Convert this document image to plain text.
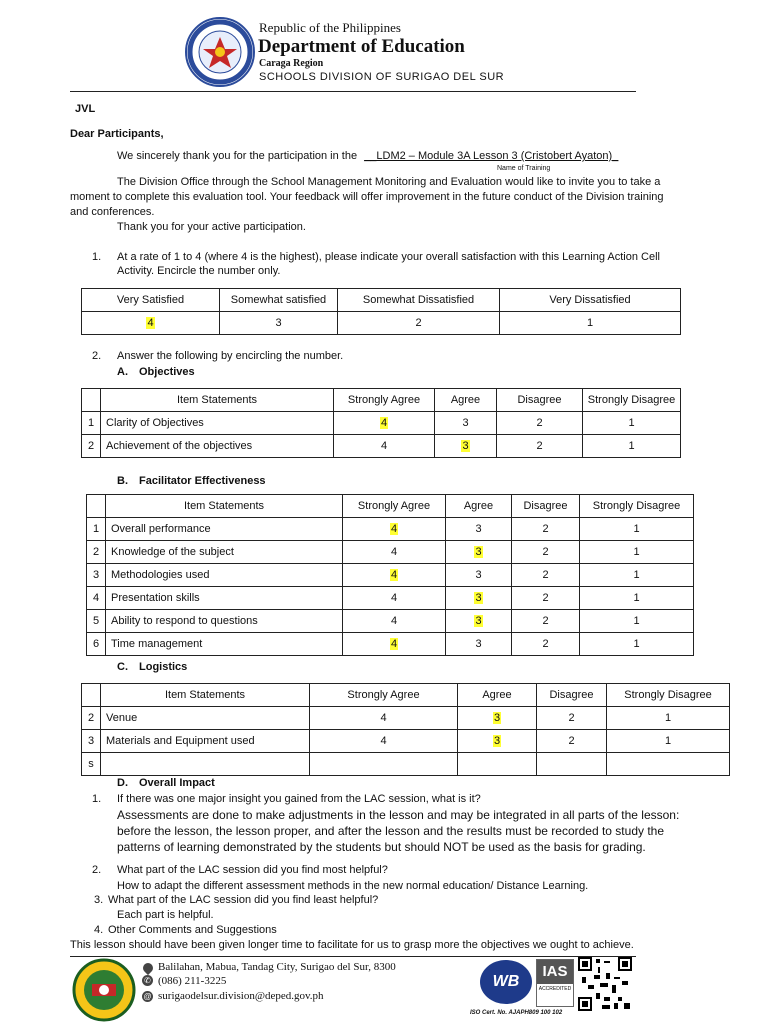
Republic of the Philippines
Department of Education
Caraga Region
SCHOOLS DIVISION OF SURIGAO DEL SUR
JVL
Dear Participants,
We sincerely thank you for the participation in the __LDM2 – Module 3A Lesson 3 (Cristobert Ayaton)_
Name of Training
The Division Office through the School Management Monitoring and Evaluation would like to invite you to take a
moment to complete this evaluation tool. Your feedback will offer improvement in the future conduct of the Division training
and conferences.
Thank you for your active participation.
1. At a rate of 1 to 4 (where 4 is the highest), please indicate your overall satisfaction with this Learning Action Cell
Activity. Encircle the number only.
Very Satisfied	Somewhat satisfied	Somewhat Dissatisfied	Very Dissatisfied
4	3	2	1
2. Answer the following by encircling the number.
A. Objectives
	Item Statements	Strongly Agree	Agree	Disagree	Strongly Disagree
1	Clarity of Objectives	4	3	2	1
2	Achievement of the objectives	4	3	2	1
B. Facilitator Effectiveness
	Item Statements	Strongly Agree	Agree	Disagree	Strongly Disagree
1	Overall performance	4	3	2	1
2	Knowledge of the subject	4	3	2	1
3	Methodologies used	4	3	2	1
4	Presentation skills	4	3	2	1
5	Ability to respond to questions	4	3	2	1
6	Time management	4	3	2	1
C. Logistics
	Item Statements	Strongly Agree	Agree	Disagree	Strongly Disagree
2	Venue	4	3	2	1
3	Materials and Equipment used	4	3	2	1
s					
D. Overall Impact
1. If there was one major insight you gained from the LAC session, what is it?
Assessments are done to make adjustments in the lesson and may be integrated in all parts of the lesson:
before the lesson, the lesson proper, and after the lesson and the results must be recorded to study the
patterns of learning demonstrated by the students but should NOT be used as the basis for grading.
2. What part of the LAC session did you find most helpful?
How to adapt the different assessment methods in the new normal education/ Distance Learning.
3. What part of the LAC session did you find least helpful?
Each part is helpful.
4. Other Comments and Suggestions
This lesson should have been given longer time to facilitate for us to grasp more the objectives we ought to achieve.
Balilahan, Mabua, Tandag City, Surigao del Sur, 8300
✆ (086) 211-3225
@ surigaodelsur.division@deped.gov.ph
WB
IAS
ACCREDITED
ISO Cert. No. AJAPH809 100 102
